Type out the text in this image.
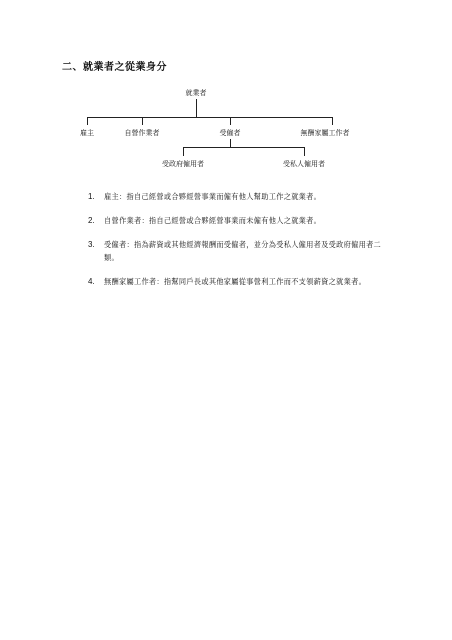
二、就業者之從業身分
就業者
雇主	自營作業者	受僱者	無酬家屬工作者
受政府僱用者	受私人僱用者
1.	雇主：指自己經營或合夥經營事業而僱有他人幫助工作之就業者。
2.	自營作業者：指自己經營或合夥經營事業而未僱有他人之就業者。
3.	受僱者：指為薪資或其他經濟報酬而受僱者，並分為受私人僱用者及受政府僱用者二類。
4.	無酬家屬工作者：指幫同戶長或其他家屬從事營利工作而不支領薪資之就業者。
